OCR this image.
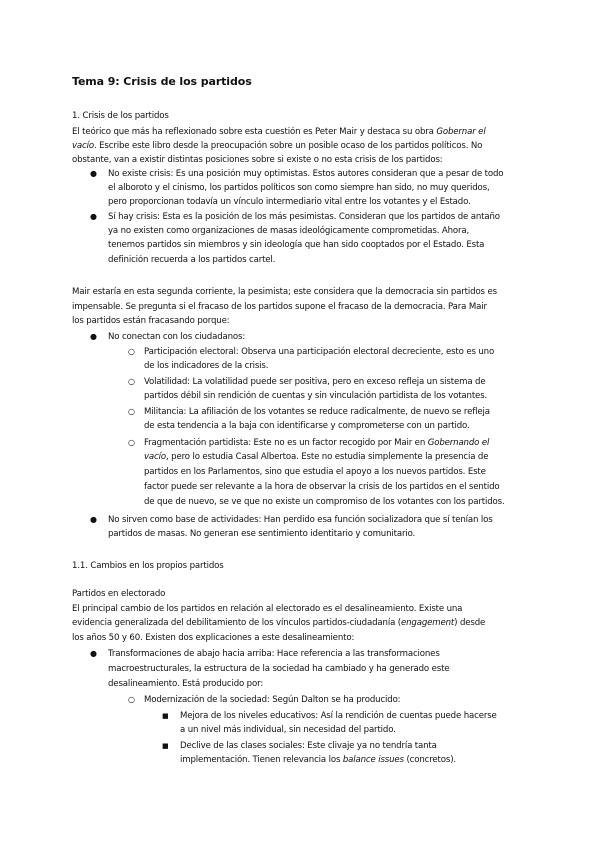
Tema 9: Crisis de los partidos
1. Crisis de los partidos
El teórico que más ha reflexionado sobre esta cuestión es Peter Mair y destaca su obra Gobernar el
vacío. Escribe este libro desde la preocupación sobre un posible ocaso de los partidos políticos. No
obstante, van a existir distintas posiciones sobre si existe o no esta crisis de los partidos:
● No existe crisis: Es una posición muy optimistas. Estos autores consideran que a pesar de todo
el alboroto y el cinismo, los partidos políticos son como siempre han sido, no muy queridos,
pero proporcionan todavía un vínculo intermediario vital entre los votantes y el Estado.
● Sí hay crisis: Esta es la posición de los más pesimistas. Consideran que los partidos de antaño
ya no existen como organizaciones de masas ideológicamente comprometidas. Ahora,
tenemos partidos sin miembros y sin ideología que han sido cooptados por el Estado. Esta
definición recuerda a los partidos cartel.
Mair estaría en esta segunda corriente, la pesimista; este considera que la democracia sin partidos es
impensable. Se pregunta si el fracaso de los partidos supone el fracaso de la democracia. Para Mair
los partidos están fracasando porque:
● No conectan con los ciudadanos:
○ Participación electoral: Observa una participación electoral decreciente, esto es uno
de los indicadores de la crisis.
○ Volatilidad: La volatilidad puede ser positiva, pero en exceso refleja un sistema de
partidos débil sin rendición de cuentas y sin vinculación partidista de los votantes.
○ Militancia: La afiliación de los votantes se reduce radicalmente, de nuevo se refleja
de esta tendencia a la baja con identificarse y comprometerse con un partido.
○ Fragmentación partidista: Este no es un factor recogido por Mair en Gobernando el
vacío, pero lo estudia Casal Albertoa. Este no estudia simplemente la presencia de
partidos en los Parlamentos, sino que estudia el apoyo a los nuevos partidos. Este
factor puede ser relevante a la hora de observar la crisis de los partidos en el sentido
de que de nuevo, se ve que no existe un compromiso de los votantes con los partidos.
● No sirven como base de actividades: Han perdido esa función socializadora que sí tenían los
partidos de masas. No generan ese sentimiento identitario y comunitario.
1.1. Cambios en los propios partidos
Partidos en electorado
El principal cambio de los partidos en relación al electorado es el desalineamiento. Existe una
evidencia generalizada del debilitamiento de los vínculos partidos-ciudadanía (engagement) desde
los años 50 y 60. Existen dos explicaciones a este desalineamiento:
● Transformaciones de abajo hacia arriba: Hace referencia a las transformaciones
macroestructurales, la estructura de la sociedad ha cambiado y ha generado este
desalineamiento. Está producido por:
○ Modernización de la sociedad: Según Dalton se ha producido:
■ Mejora de los niveles educativos: Así la rendición de cuentas puede hacerse
a un nivel más individual, sin necesidad del partido.
■ Declive de las clases sociales: Este clivaje ya no tendría tanta
implementación. Tienen relevancia los balance issues (concretos).
